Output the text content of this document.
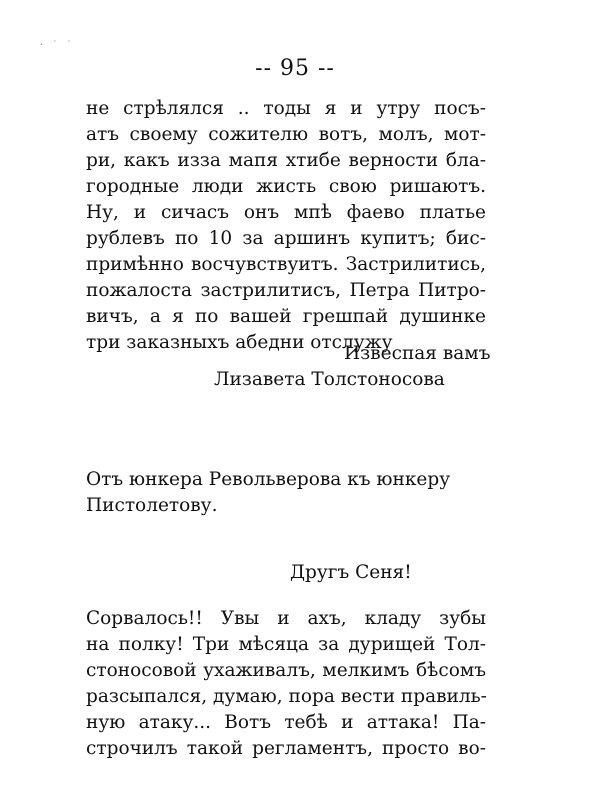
· ˙ ˙
-- 95 --
не стрѣлялся .. тоды я и утру посъ-
атъ своему сожителю вотъ, молъ, мот-
ри, какъ изза мапя хтибе верности бла-
городные люди жисть свою ришаютъ.
Ну, и сичасъ онъ мпѣ фаево платье
рублевъ по 10 за аршинъ купитъ; бис-
примѣнно восчувствуитъ. Застрилитись,
пожалоста застрилитисъ, Петра Питро-
вичъ, а я по вашей грешпай душинке
три заказныхъ абедни отслужу
Извеспая вамъ
Лизавета Толстоносова
Отъ юнкера Револьверова къ юнкеру
Пистолетову.
Другъ Сеня!
Сорвалось!! Увы и ахъ, кладу зубы
на полку! Три мѣсяца за дурищей Тол-
стоносовой ухаживалъ, мелкимъ бѣсомъ
разсыпался, думаю, пора вести правиль-
ную атаку... Вотъ тебѣ и аттака! Па-
строчилъ такой регламентъ, просто во-
